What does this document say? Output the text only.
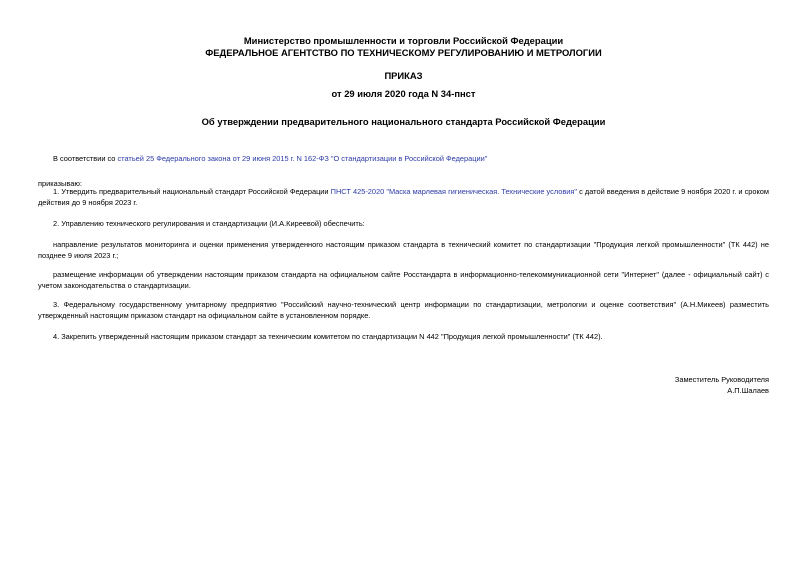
Министерство промышленности и торговли Российской Федерации
ФЕДЕРАЛЬНОЕ АГЕНТСТВО ПО ТЕХНИЧЕСКОМУ РЕГУЛИРОВАНИЮ И МЕТРОЛОГИИ
ПРИКАЗ
от 29 июля 2020 года N 34-пнст
Об утверждении предварительного национального стандарта Российской Федерации
В соответствии со статьей 25 Федерального закона от 29 июня 2015 г. N 162-ФЗ "О стандартизации в Российской Федерации"
приказываю:
1. Утвердить предварительный национальный стандарт Российской Федерации ПНСТ 425-2020 "Маска марлевая гигиеническая. Технические условия" с датой введения в действие 9 ноября 2020 г. и сроком действия до 9 ноября 2023 г.
2. Управлению технического регулирования и стандартизации (И.А.Киреевой) обеспечить:
направление результатов мониторинга и оценки применения утвержденного настоящим приказом стандарта в технический комитет по стандартизации "Продукция легкой промышленности" (ТК 442) не позднее 9 июля 2023 г.;
размещение информации об утверждении настоящим приказом стандарта на официальном сайте Росстандарта в информационно-телекоммуникационной сети "Интернет" (далее - официальный сайт) с учетом законодательства о стандартизации.
3. Федеральному государственному унитарному предприятию "Российский научно-технический центр информации по стандартизации, метрологии и оценке соответствия" (А.Н.Микеев) разместить утвержденный настоящим приказом стандарт на официальном сайте в установленном порядке.
4. Закрепить утвержденный настоящим приказом стандарт за техническим комитетом по стандартизации N 442 "Продукция легкой промышленности" (ТК 442).
Заместитель Руководителя
А.П.Шалаев
